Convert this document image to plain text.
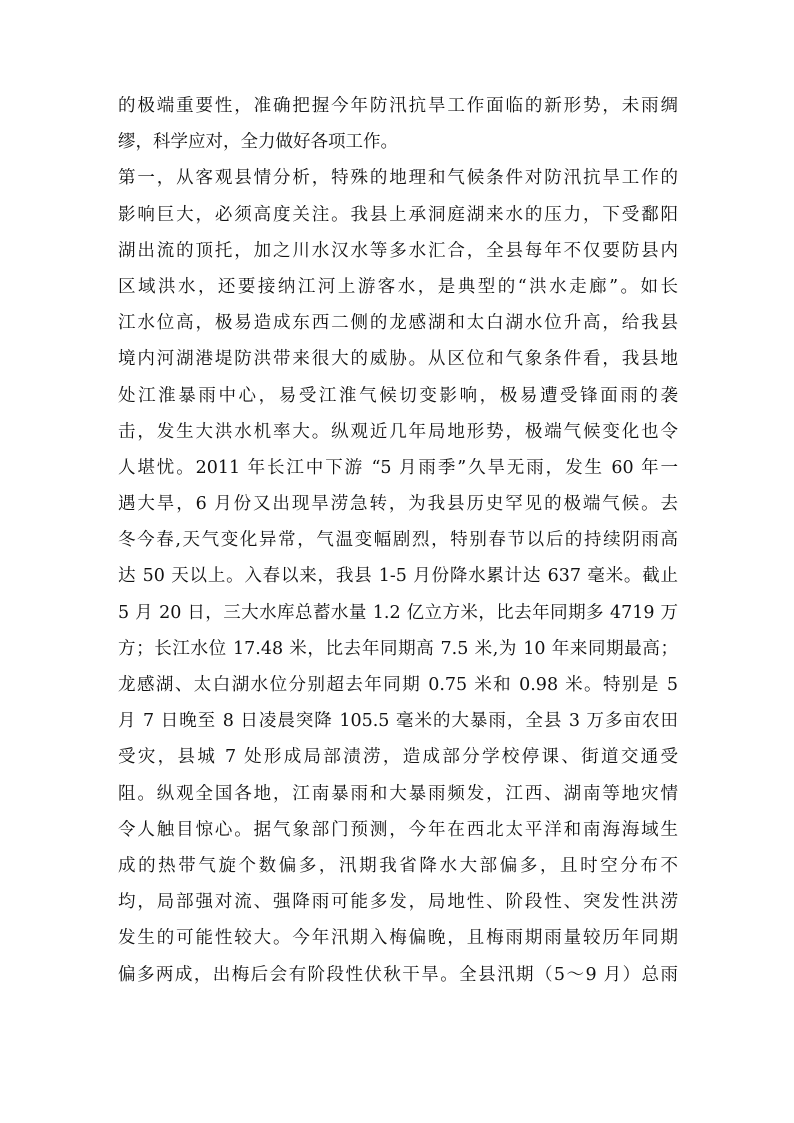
的极端重要性，准确把握今年防汛抗旱工作面临的新形势，未雨绸
缪，科学应对，全力做好各项工作。
第一，从客观县情分析，特殊的地理和气候条件对防汛抗旱工作的
影响巨大，必须高度关注。我县上承洞庭湖来水的压力，下受鄱阳
湖出流的顶托，加之川水汉水等多水汇合，全县每年不仅要防县内
区域洪水，还要接纳江河上游客水，是典型的“洪水走廊”。如长
江水位高，极易造成东西二侧的龙感湖和太白湖水位升高，给我县
境内河湖港堤防洪带来很大的威胁。从区位和气象条件看，我县地
处江淮暴雨中心，易受江淮气候切变影响，极易遭受锋面雨的袭
击，发生大洪水机率大。纵观近几年局地形势，极端气候变化也令
人堪忧。2011 年长江中下游 “5 月雨季”久旱无雨，发生 60 年一
遇大旱，6 月份又出现旱涝急转，为我县历史罕见的极端气候。去
冬今春,天气变化异常，气温变幅剧烈，特别春节以后的持续阴雨高
达 50 天以上。入春以来，我县 1-5 月份降水累计达 637 毫米。截止
5 月 20 日，三大水库总蓄水量 1.2 亿立方米，比去年同期多 4719 万
方；长江水位 17.48 米，比去年同期高 7.5 米,为 10 年来同期最高；
龙感湖、太白湖水位分别超去年同期 0.75 米和 0.98 米。特别是 5
月 7 日晚至 8 日凌晨突降 105.5 毫米的大暴雨，全县 3 万多亩农田
受灾，县城 7 处形成局部渍涝，造成部分学校停课、街道交通受
阻。纵观全国各地，江南暴雨和大暴雨频发，江西、湖南等地灾情
令人触目惊心。据气象部门预测，今年在西北太平洋和南海海域生
成的热带气旋个数偏多，汛期我省降水大部偏多，且时空分布不
均，局部强对流、强降雨可能多发，局地性、阶段性、突发性洪涝
发生的可能性较大。今年汛期入梅偏晚，且梅雨期雨量较历年同期
偏多两成，出梅后会有阶段性伏秋干旱。全县汛期（5～9 月）总雨
